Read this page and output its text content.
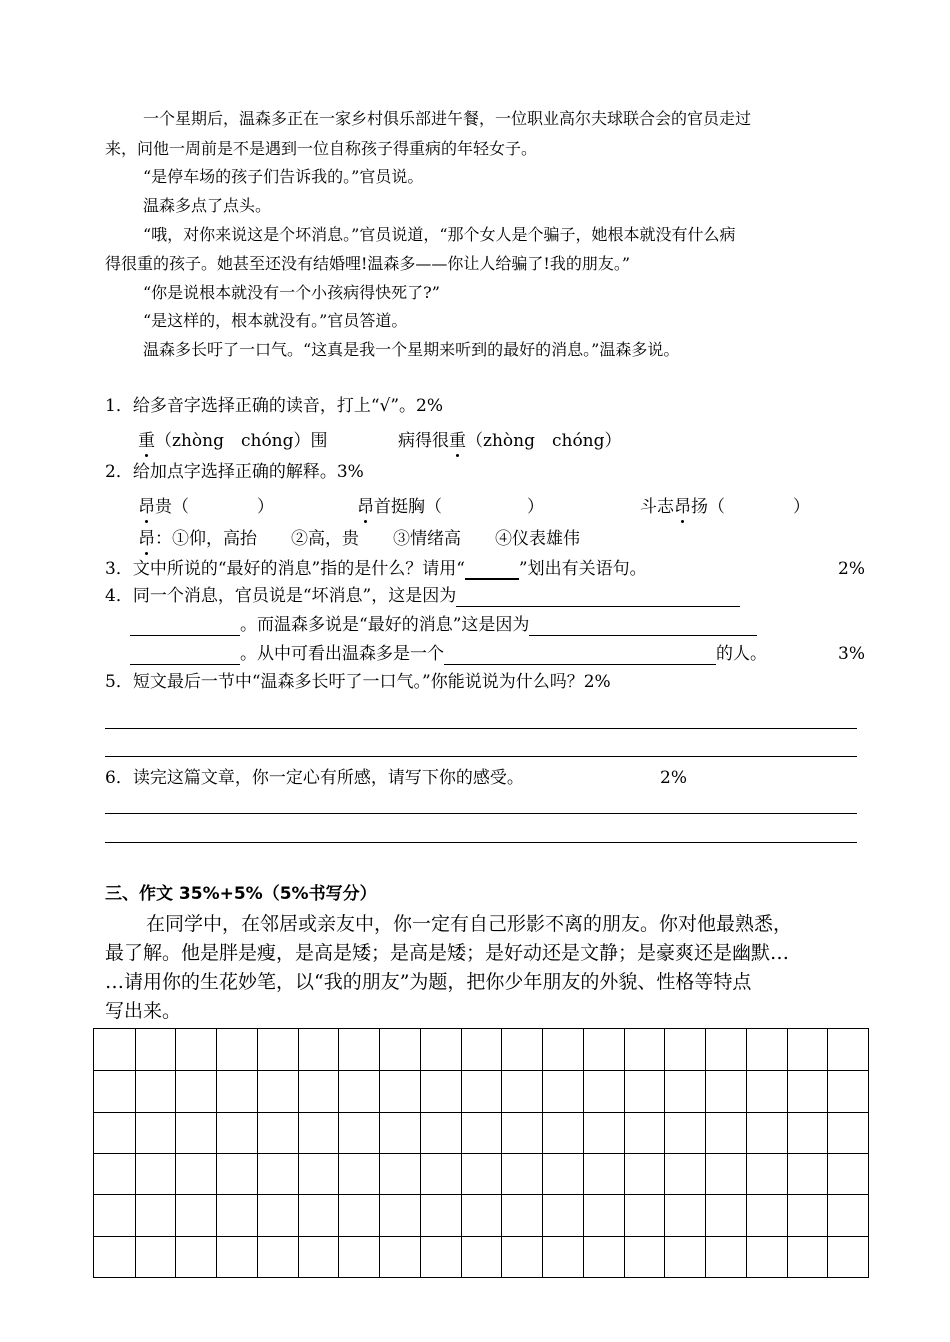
一个星期后，温森多正在一家乡村俱乐部进午餐，一位职业高尔夫球联合会的官员走过
来，问他一周前是不是遇到一位自称孩子得重病的年轻女子。
“是停车场的孩子们告诉我的。”官员说。
温森多点了点头。
“哦，对你来说这是个坏消息。”官员说道，“那个女人是个骗子，她根本就没有什么病
得很重的孩子。她甚至还没有结婚哩!温森多——你让人给骗了!我的朋友。”
“你是说根本就没有一个小孩病得快死了?”
“是这样的，根本就没有。”官员答道。
温森多长吁了一口气。“这真是我一个星期来听到的最好的消息。”温森多说。
1．给多音字选择正确的读音，打上“√”。2%
重（zhòng　chóng）围	病得很重（zhòng　chóng）
2．给加点字选择正确的解释。3%
昂贵（　　　　）	昂首挺胸（　　　　　）	斗志昂扬（　　　　）
昂：①仰，高抬　　②高，贵　　③情绪高　　④仪表雄伟
3．文中所说的“最好的消息”指的是什么？请用“	”划出有关语句。	2%
4．同一个消息，官员说是“坏消息”，这是因为
。而温森多说是“最好的消息”这是因为
。从中可看出温森多是一个	的人。	3%
5．短文最后一节中“温森多长吁了一口气。”你能说说为什么吗？2%
6．读完这篇文章，你一定心有所感，请写下你的感受。	2%
三、作文 35%+5%（5%书写分）
在同学中，在邻居或亲友中，你一定有自己形影不离的朋友。你对他最熟悉，
最了解。他是胖是瘦，是高是矮；是高是矮；是好动还是文静；是豪爽还是幽默…
…请用你的生花妙笔，以“我的朋友”为题，把你少年朋友的外貌、性格等特点
写出来。
